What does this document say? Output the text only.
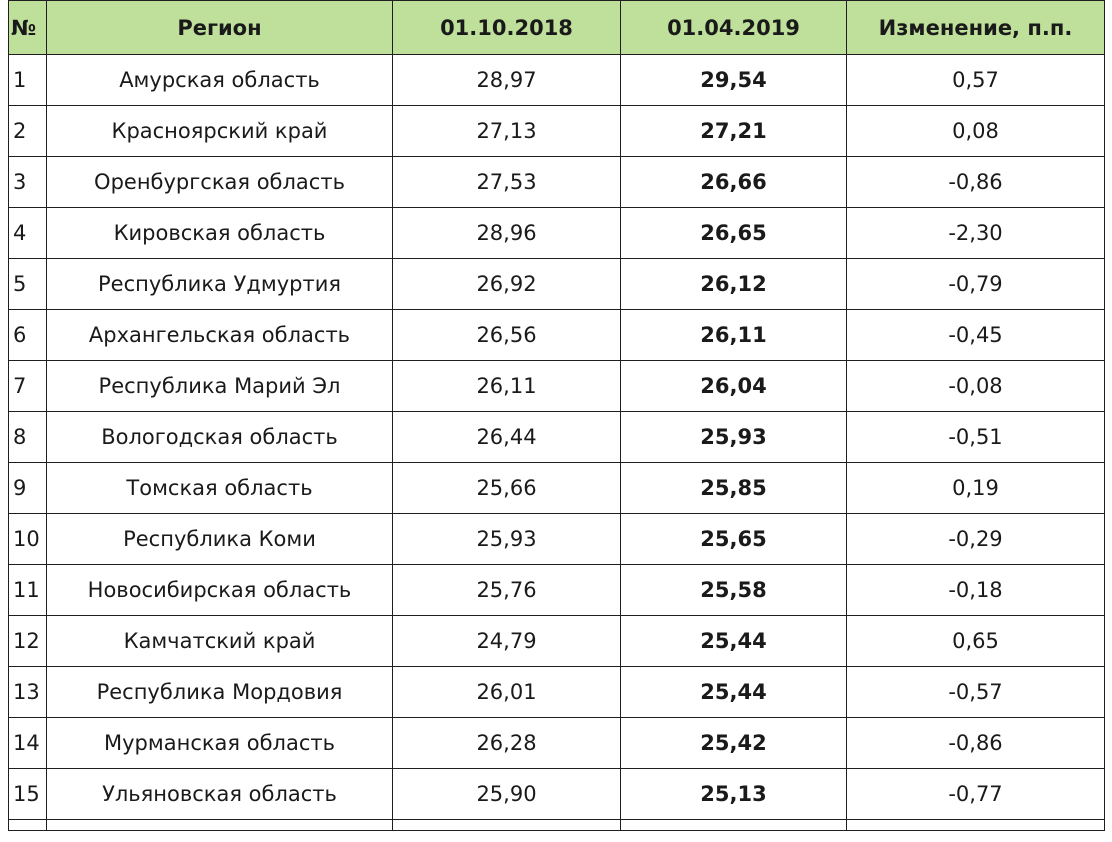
№	Регион	01.10.2018	01.04.2019	Изменение, п.п.
1	Амурская область	28,97	29,54	0,57
2	Красноярский край	27,13	27,21	0,08
3	Оренбургская область	27,53	26,66	-0,86
4	Кировская область	28,96	26,65	-2,30
5	Республика Удмуртия	26,92	26,12	-0,79
6	Архангельская область	26,56	26,11	-0,45
7	Республика Марий Эл	26,11	26,04	-0,08
8	Вологодская область	26,44	25,93	-0,51
9	Томская область	25,66	25,85	0,19
10	Республика Коми	25,93	25,65	-0,29
11	Новосибирская область	25,76	25,58	-0,18
12	Камчатский край	24,79	25,44	0,65
13	Республика Мордовия	26,01	25,44	-0,57
14	Мурманская область	26,28	25,42	-0,86
15	Ульяновская область	25,90	25,13	-0,77
